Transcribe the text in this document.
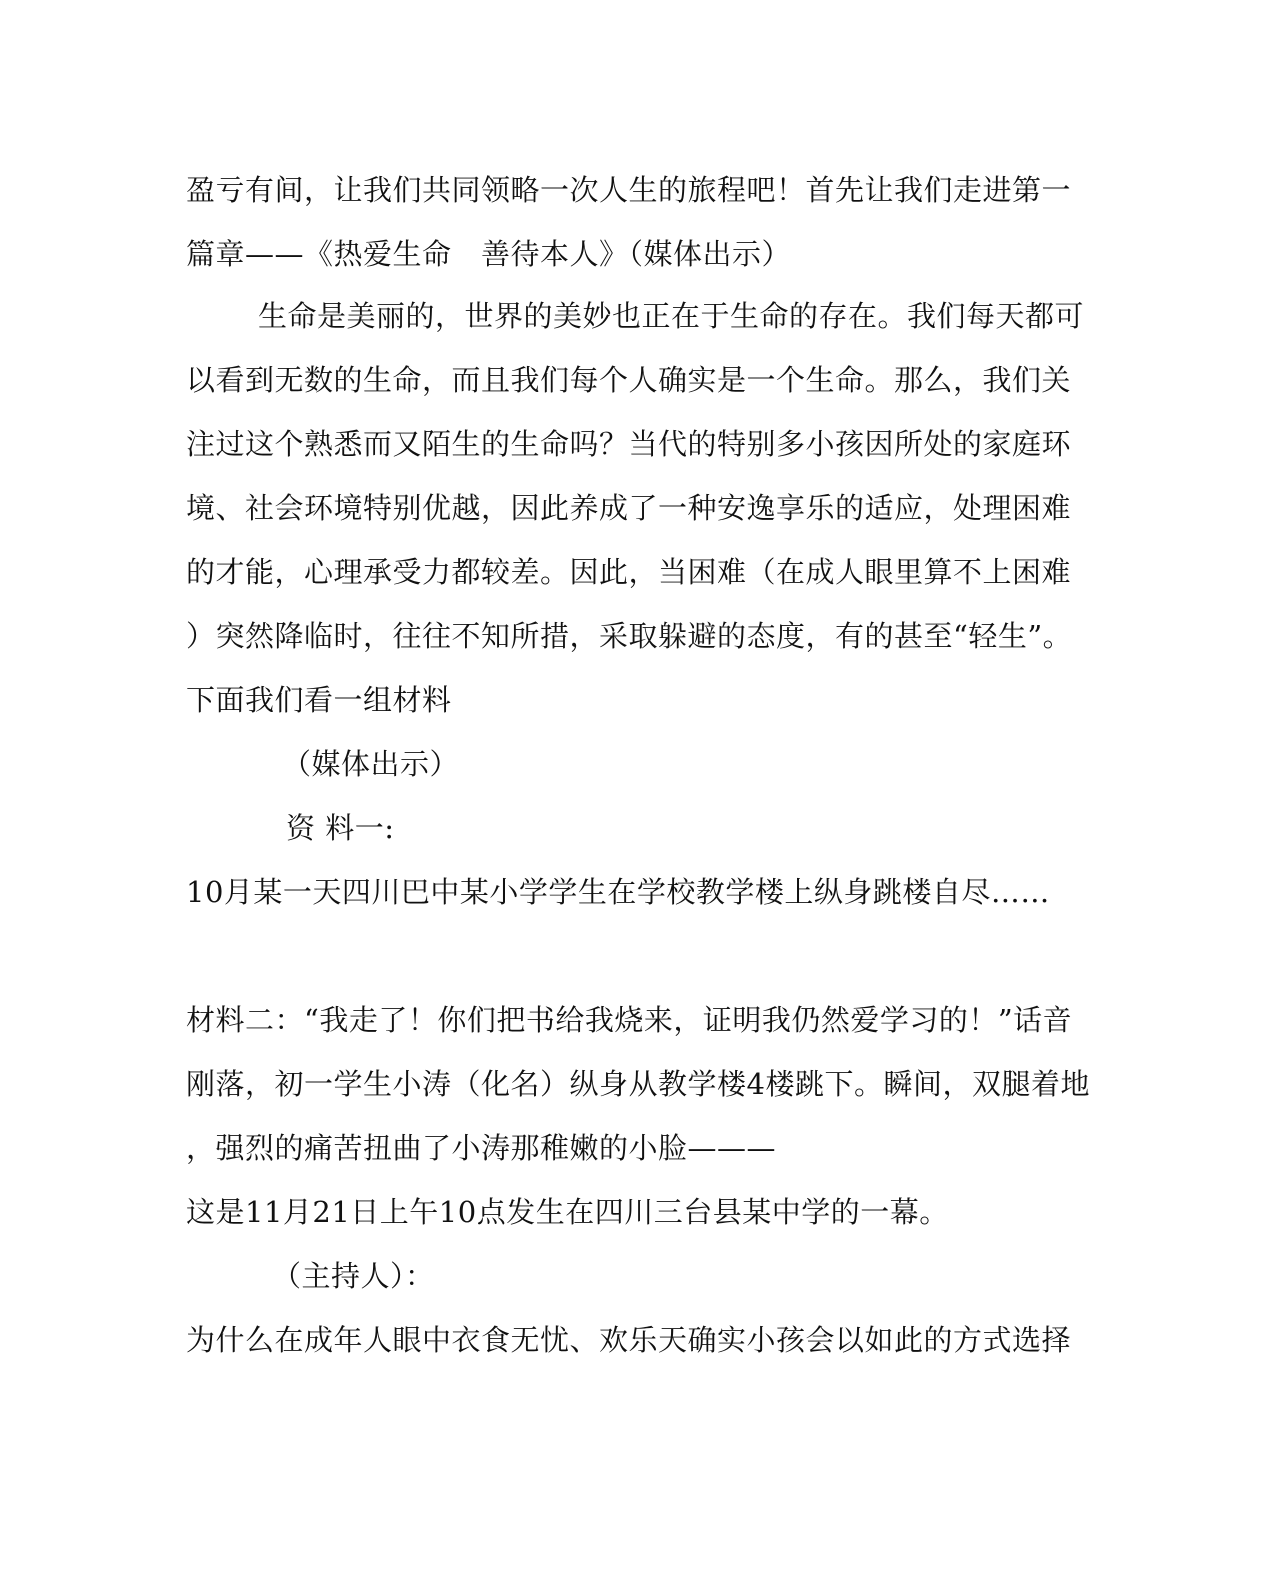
盈亏有间，让我们共同领略一次人生的旅程吧！首先让我们走进第一
篇章——《热爱生命　善待本人》（媒体出示）
生命是美丽的，世界的美妙也正在于生命的存在。我们每天都可
以看到无数的生命，而且我们每个人确实是一个生命。那么，我们关
注过这个熟悉而又陌生的生命吗？当代的特别多小孩因所处的家庭环
境、社会环境特别优越，因此养成了一种安逸享乐的适应，处理困难
的才能，心理承受力都较差。因此，当困难（在成人眼里算不上困难
）突然降临时，往往不知所措，采取躲避的态度，有的甚至“轻生”。
下面我们看一组材料
（媒体出示）
资 料一:
10月某一天四川巴中某小学学生在学校教学楼上纵身跳楼自尽……
材料二：“我走了！你们把书给我烧来，证明我仍然爱学习的！”话音
刚落，初一学生小涛（化名）纵身从教学楼4楼跳下。瞬间，双腿着地
，强烈的痛苦扭曲了小涛那稚嫩的小脸———
这是11月21日上午10点发生在四川三台县某中学的一幕。
（主持人）：
为什么在成年人眼中衣食无忧、欢乐天确实小孩会以如此的方式选择
